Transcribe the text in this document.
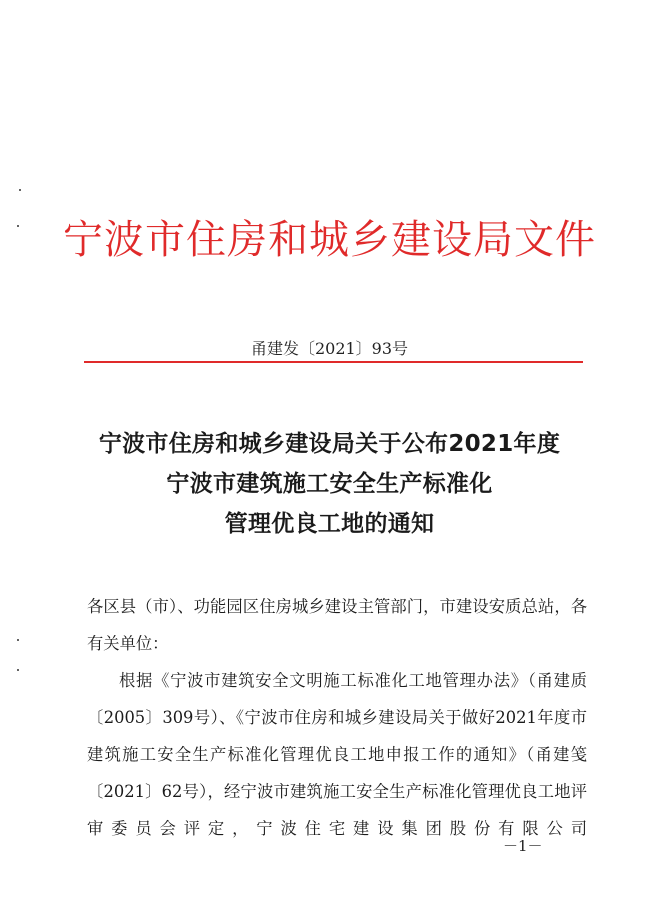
宁波市住房和城乡建设局文件
甬建发〔2021〕93号
宁波市住房和城乡建设局关于公布2021年度
宁波市建筑施工安全生产标准化
管理优良工地的通知

各区县（市）、功能园区住房城乡建设主管部门，市建设安质总站，各有关单位：

根据《宁波市建筑安全文明施工标准化工地管理办法》（甬建质〔2005〕309号）、《宁波市住房和城乡建设局关于做好2021年度市建筑施工安全生产标准化管理优良工地申报工作的通知》（甬建笺〔2021〕62号），经宁波市建筑施工安全生产标准化管理优良工地评审委员会评定，宁波住宅建设集团股份有限公司

－1－
